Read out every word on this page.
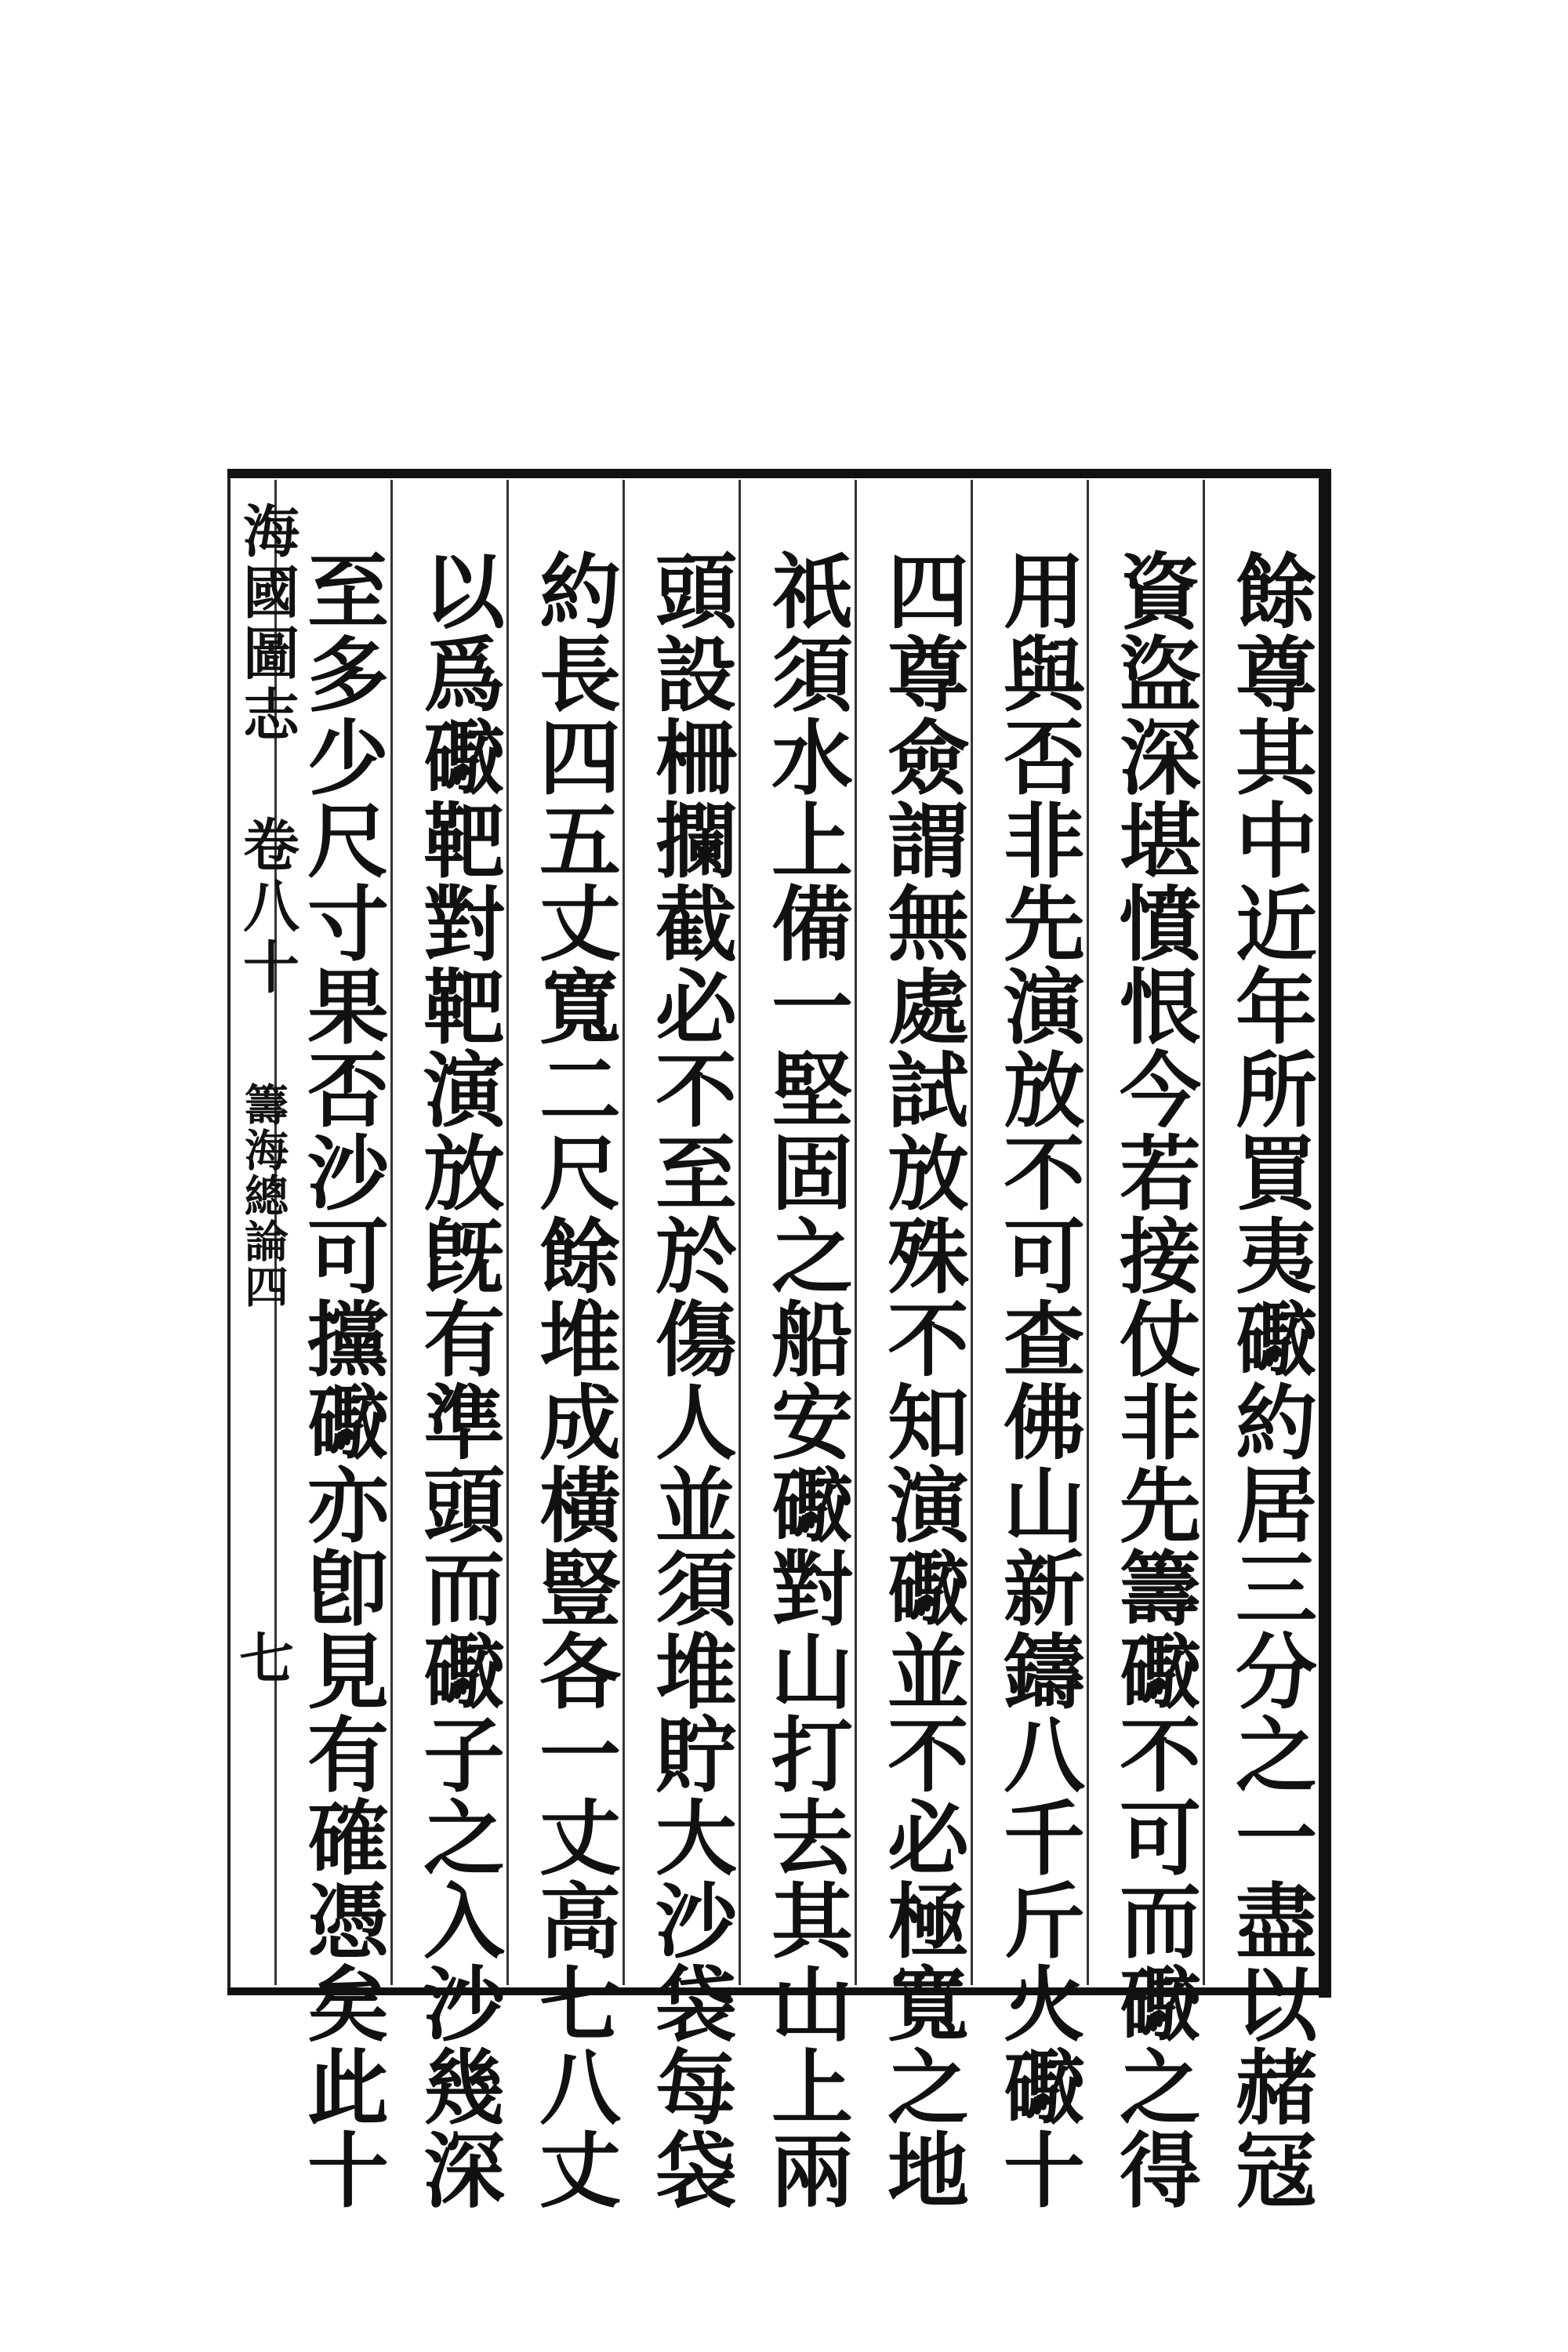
餘尊其中近年所買夷礮約居三分之一盡以赭冦
資盜深堪憤恨今若接仗非先籌礮不可而礮之得
用與否非先演放不可查佛山新鑄八千斤火礮十
四尊僉謂無處試放殊不知演礮並不必極寬之地
祇須水上備一堅固之船安礮對山打去其山上兩
頭設柵攔截必不至於傷人並須堆貯大沙袋每袋
約長四五丈寬二尺餘堆成橫豎各一丈高七八丈
以爲礮靶對靶演放旣有準頭而礮子之入沙幾深
至多少尺寸果否沙可攩礮亦卽見有確憑矣此十
海國圖志
卷八十
籌海總論四
七
